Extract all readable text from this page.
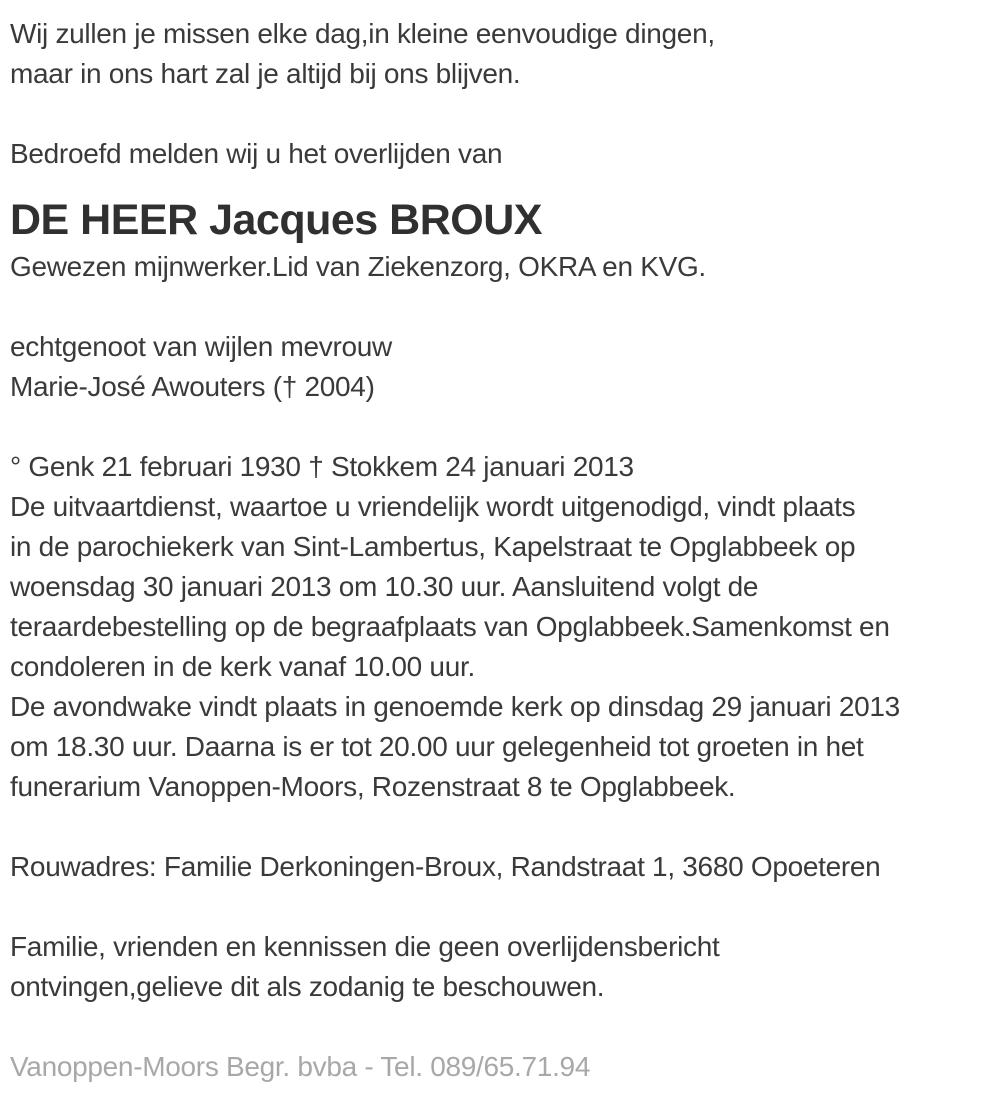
Wij zullen je missen elke dag,in kleine eenvoudige dingen,
maar in ons hart zal je altijd bij ons blijven.
Bedroefd melden wij u het overlijden van
DE HEER Jacques BROUX
Gewezen mijnwerker.Lid van Ziekenzorg, OKRA en KVG.
echtgenoot van wijlen mevrouw
Marie-José Awouters († 2004)
° Genk 21 februari 1930 † Stokkem 24 januari 2013
De uitvaartdienst, waartoe u vriendelijk wordt uitgenodigd, vindt plaats
in de parochiekerk van Sint-Lambertus, Kapelstraat te Opglabbeek op
woensdag 30 januari 2013 om 10.30 uur. Aansluitend volgt de
teraardebestelling op de begraafplaats van Opglabbeek.Samenkomst en
condoleren in de kerk vanaf 10.00 uur.
De avondwake vindt plaats in genoemde kerk op dinsdag 29 januari 2013
om 18.30 uur. Daarna is er tot 20.00 uur gelegenheid tot groeten in het
funerarium Vanoppen-Moors, Rozenstraat 8 te Opglabbeek.
Rouwadres: Familie Derkoningen-Broux, Randstraat 1, 3680 Opoeteren
Familie, vrienden en kennissen die geen overlijdensbericht
ontvingen,gelieve dit als zodanig te beschouwen.
Vanoppen-Moors Begr. bvba - Tel. 089/65.71.94
